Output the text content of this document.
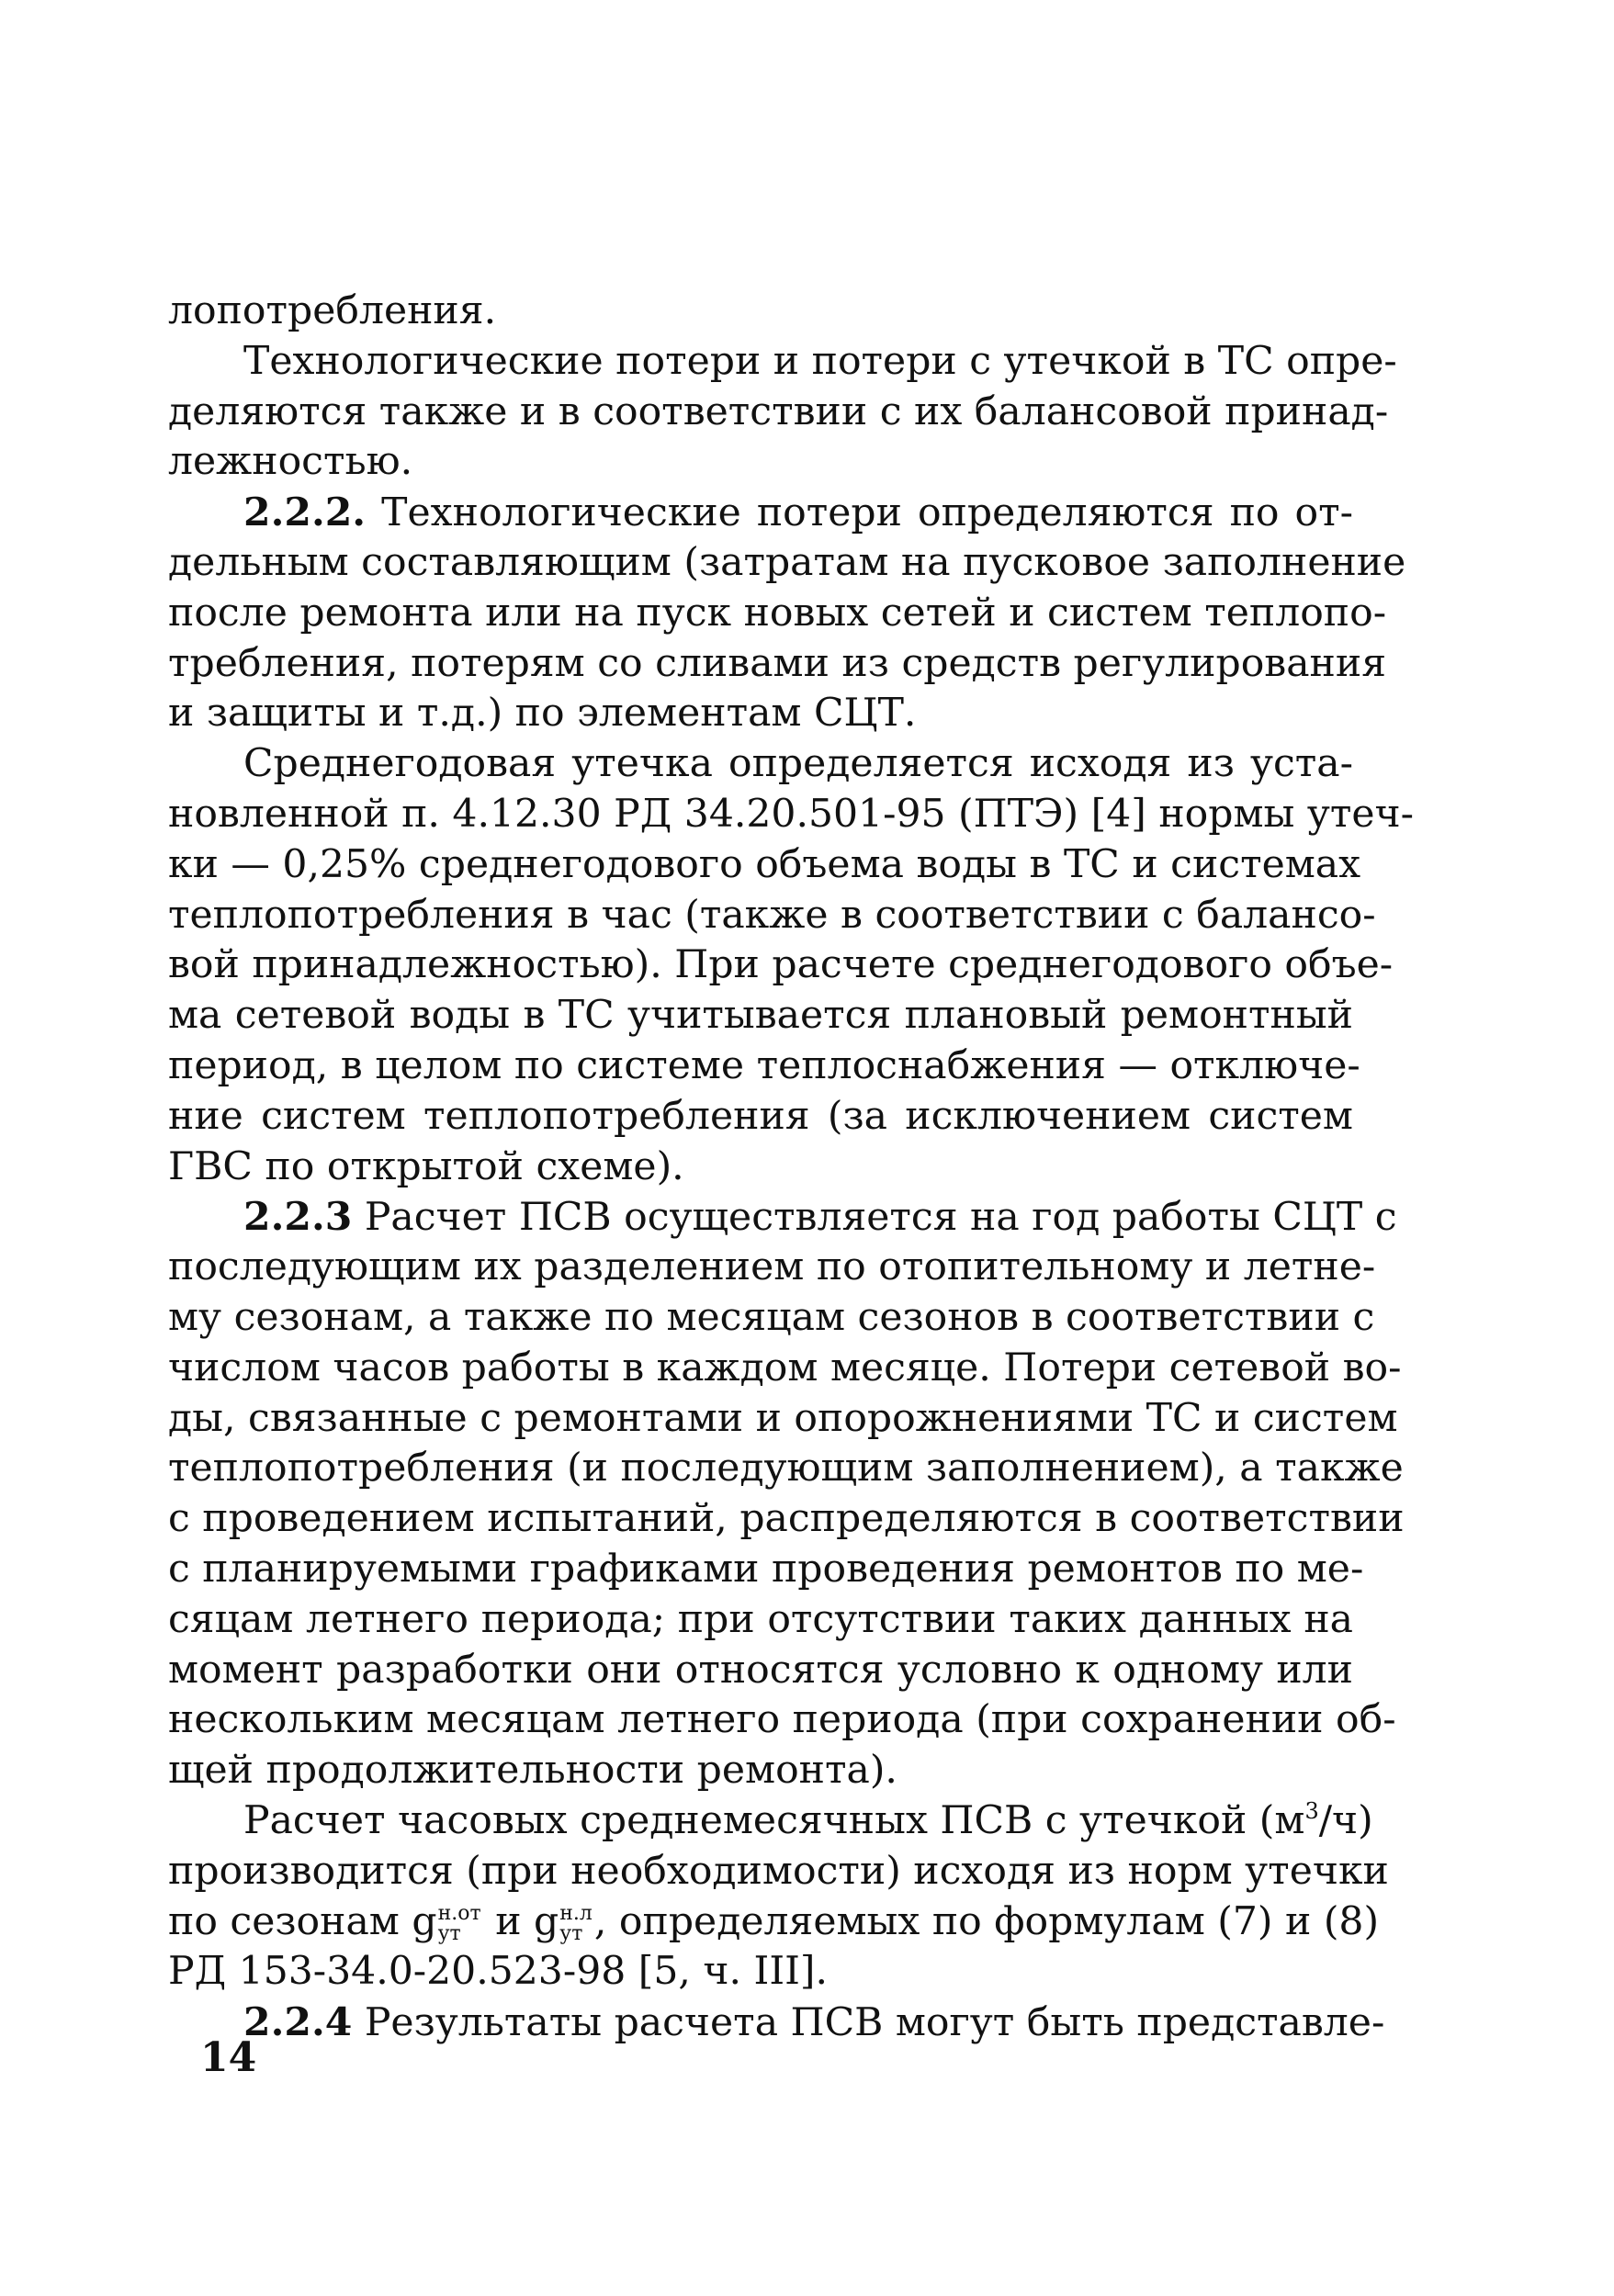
лопотребления.
Технологические потери и потери с утечкой в ТС опре-
деляются также и в соответствии с их балансовой принад-
лежностью.
2.2.2. Технологические потери определяются по от-
дельным составляющим (затратам на пусковое заполнение
после ремонта или на пуск новых сетей и систем теплопо-
требления, потерям со сливами из средств регулирования
и защиты и т.д.) по элементам СЦТ.
Среднегодовая утечка определяется исходя из уста-
новленной п. 4.12.30 РД 34.20.501-95 (ПТЭ) [4] нормы утеч-
ки — 0,25% среднегодового объема воды в ТС и системах
теплопотребления в час (также в соответствии с балансо-
вой принадлежностью). При расчете среднегодового объе-
ма сетевой воды в ТС учитывается плановый ремонтный
период, в целом по системе теплоснабжения — отключе-
ние систем теплопотребления (за исключением систем
ГВС по открытой схеме).
2.2.3 Расчет ПСВ осуществляется на год работы СЦТ с
последующим их разделением по отопительному и летне-
му сезонам, а также по месяцам сезонов в соответствии с
числом часов работы в каждом месяце. Потери сетевой во-
ды, связанные с ремонтами и опорожнениями ТС и систем
теплопотребления (и последующим заполнением), а также
с проведением испытаний, распределяются в соответствии
с планируемыми графиками проведения ремонтов по ме-
сяцам летнего периода; при отсутствии таких данных на
момент разработки они относятся условно к одному или
нескольким месяцам летнего периода (при сохранении об-
щей продолжительности ремонта).
Расчет часовых среднемесячных ПСВ с утечкой $(м^3/ч)$
производится (при необходимости) исходя из норм утечки
по сезонам g н.от
ут и g н.л
ут , определяемых по формулам (7) и (8)
РД 153-34.0-20.523-98 [5, ч. III].
2.2.4 Результаты расчета ПСВ могут быть представле-
14
